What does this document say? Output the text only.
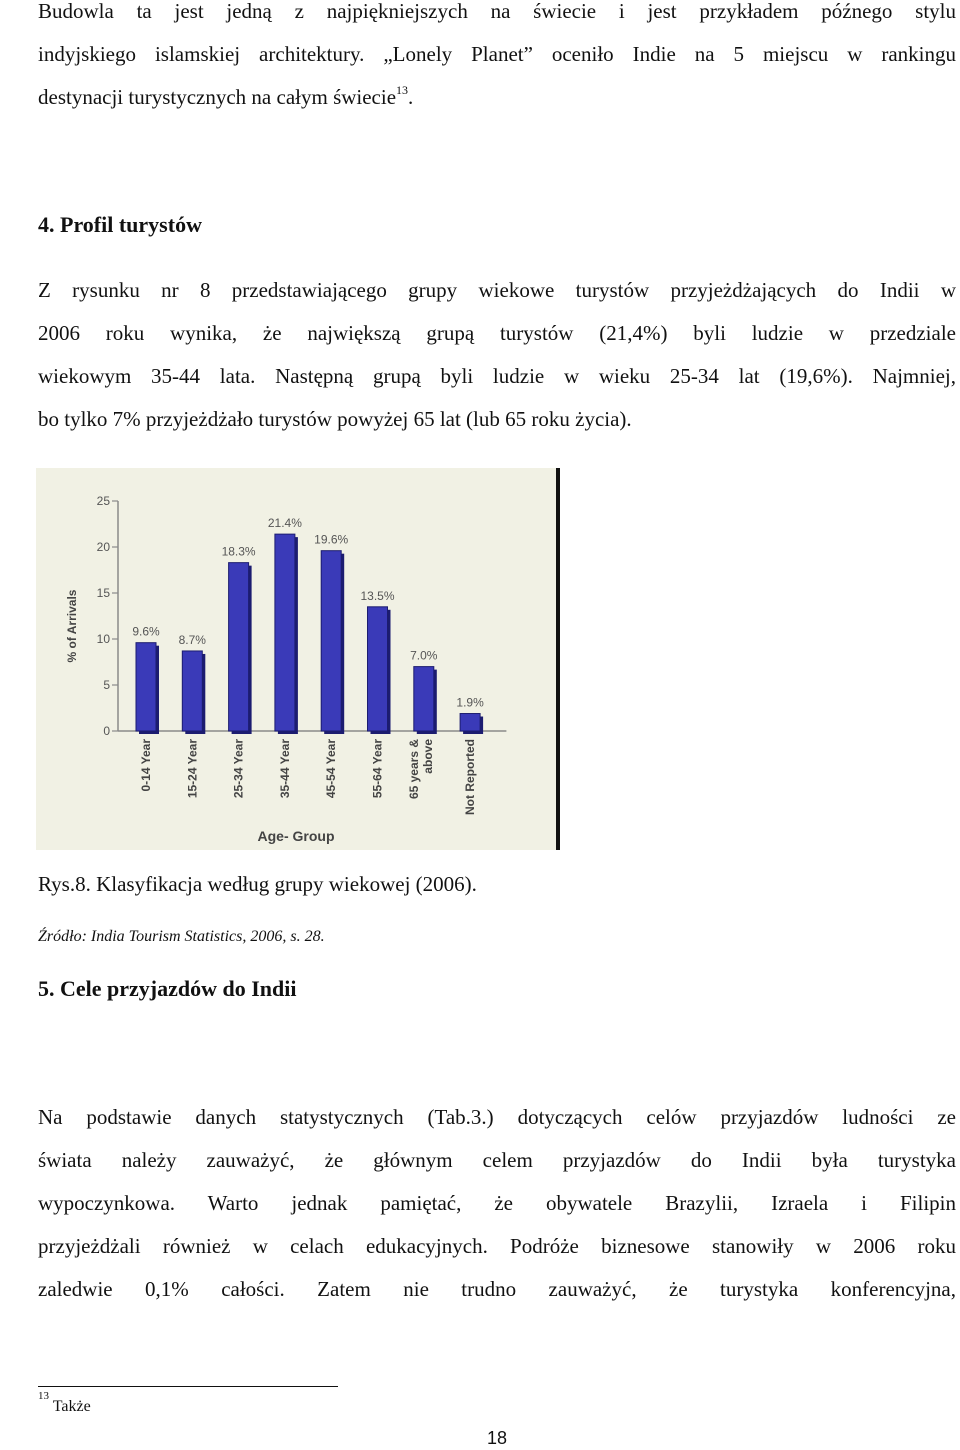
Budowla ta jest jedną z najpiękniejszych na świecie i jest przykładem późnego stylu
indyjskiego islamskiej architektury. „Lonely Planet” oceniło Indie na 5 miejscu w rankingu
destynacji turystycznych na całym świecie$^{13}$.
4. Profil turystów
Z rysunku nr 8 przedstawiającego grupy wiekowe turystów przyjeżdżających do Indii w
2006 roku wynika, że największą grupą turystów (21,4%) byli ludzie w przedziale
wiekowym 35-44 lata. Następną grupą byli ludzie w wieku 25-34 lat (19,6%). Najmniej,
bo tylko 7% przyjeżdżało turystów powyżej 65 lat (lub 65 roku życia).
0
5
10
15
20
25
% of Arrivals	9.6%
0-14 Year
8.7%
15-24 Year
18.3%
25-34 Year
21.4%
35-44 Year
19.6%
45-54 Year
13.5%
55-64 Year
7.0%
65 years & above
1.9%
Not Reported
Age- Group
Rys.8. Klasyfikacja według grupy wiekowej (2006).
Źródło: India Tourism Statistics, 2006, s. 28.
5. Cele przyjazdów do Indii
Na podstawie danych statystycznych (Tab.3.) dotyczących celów przyjazdów ludności ze
świata należy zauważyć, że głównym celem przyjazdów do Indii była turystyka
wypoczynkowa. Warto jednak pamiętać, że obywatele Brazylii, Izraela i Filipin
przyjeżdżali również w celach edukacyjnych. Podróże biznesowe stanowiły w 2006 roku
zaledwie 0,1% całości. Zatem nie trudno zauważyć, że turystyka konferencyjna,
$^{13}$ Także
18
